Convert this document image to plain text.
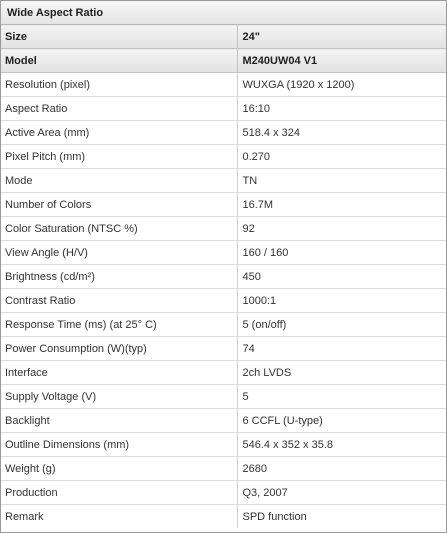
Wide Aspect Ratio	
Size	24"
Model	M240UW04 V1
Resolution (pixel)	WUXGA (1920 x 1200)
Aspect Ratio	16:10
Active Area (mm)	518.4 x 324
Pixel Pitch (mm)	0.270
Mode	TN
Number of Colors	16.7M
Color Saturation (NTSC %)	92
View Angle (H/V)	160 / 160
Brightness (cd/m²)	450
Contrast Ratio	1000:1
Response Time (ms) (at 25° C)	5 (on/off)
Power Consumption (W)(typ)	74
Interface	2ch LVDS
Supply Voltage (V)	5
Backlight	6 CCFL (U-type)
Outline Dimensions (mm)	546.4 x 352 x 35.8
Weight (g)	2680
Production	Q3, 2007
Remark	SPD function
